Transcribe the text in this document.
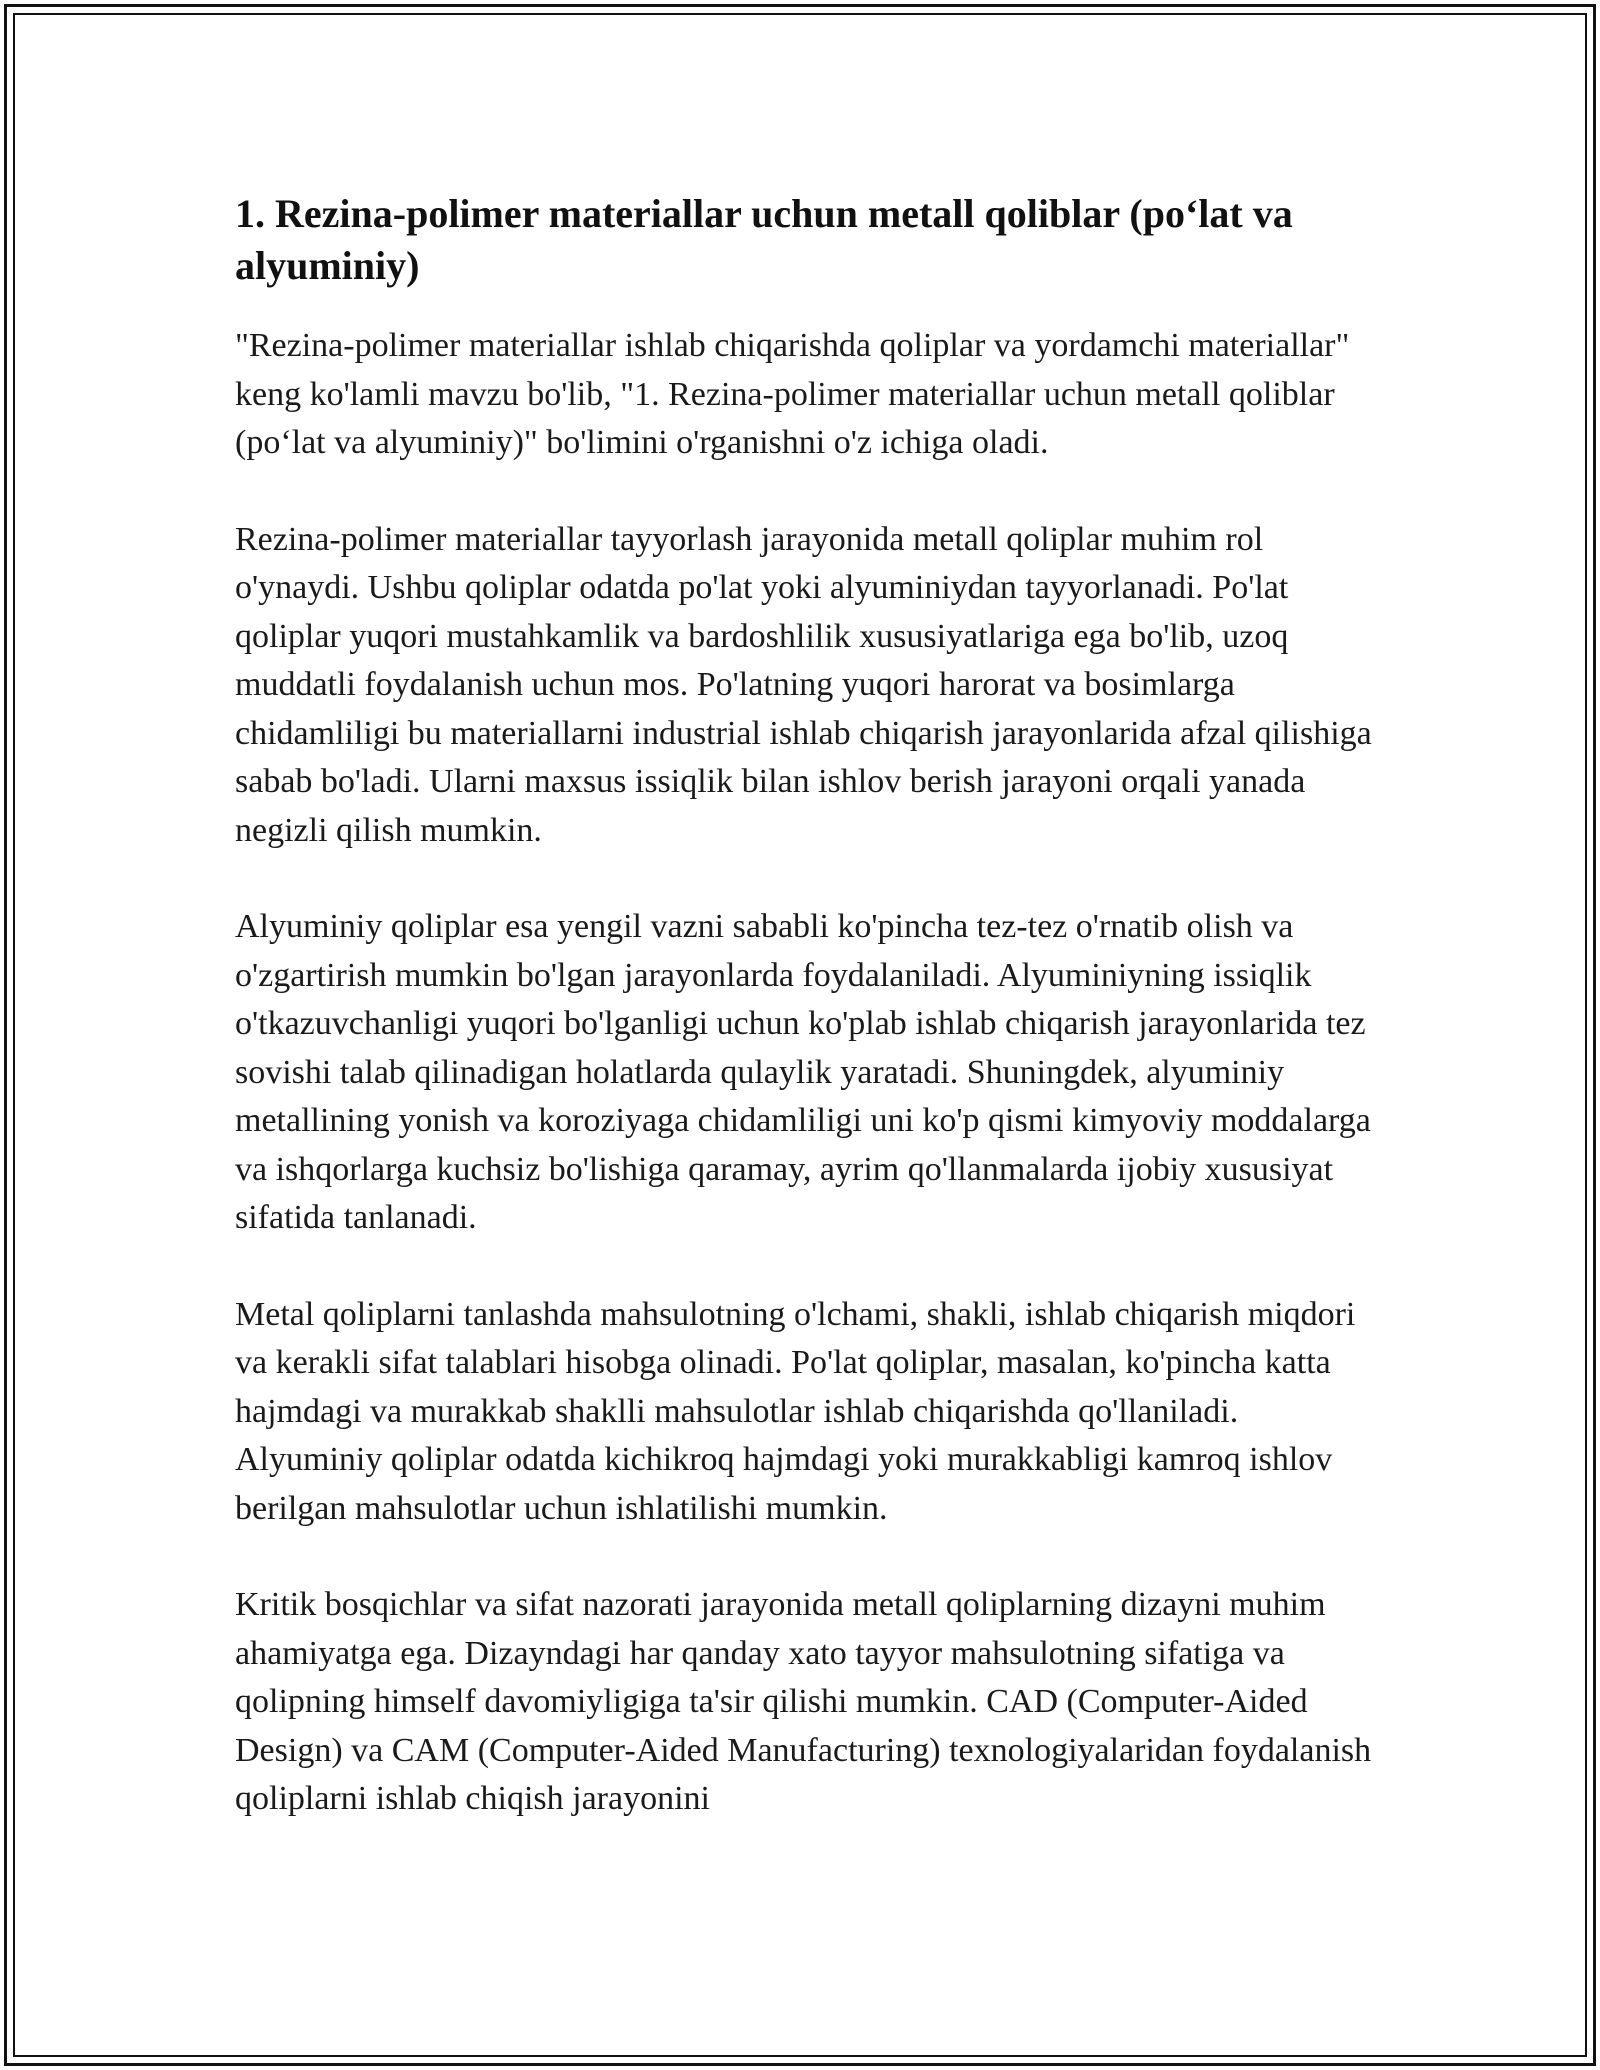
1. Rezina-polimer materiallar uchun metall qoliblar (po‘lat va alyuminiy)

"Rezina-polimer materiallar ishlab chiqarishda qoliplar va yordamchi materiallar" keng ko'lamli mavzu bo'lib, "1. Rezina-polimer materiallar uchun metall qoliblar (po‘lat va alyuminiy)" bo'limini o'rganishni o'z ichiga oladi.

Rezina-polimer materiallar tayyorlash jarayonida metall qoliplar muhim rol o'ynaydi. Ushbu qoliplar odatda po'lat yoki alyuminiydan tayyorlanadi. Po'lat qoliplar yuqori mustahkamlik va bardoshlilik xususiyatlariga ega bo'lib, uzoq muddatli foydalanish uchun mos. Po'latning yuqori harorat va bosimlarga chidamliligi bu materiallarni industrial ishlab chiqarish jarayonlarida afzal qilishiga sabab bo'ladi. Ularni maxsus issiqlik bilan ishlov berish jarayoni orqali yanada negizli qilish mumkin.

Alyuminiy qoliplar esa yengil vazni sababli ko'pincha tez-tez o'rnatib olish va o'zgartirish mumkin bo'lgan jarayonlarda foydalaniladi. Alyuminiyning issiqlik o'tkazuvchanligi yuqori bo'lganligi uchun ko'plab ishlab chiqarish jarayonlarida tez sovishi talab qilinadigan holatlarda qulaylik yaratadi. Shuningdek, alyuminiy metallining yonish va koroziyaga chidamliligi uni ko'p qismi kimyoviy moddalarga va ishqorlarga kuchsiz bo'lishiga qaramay, ayrim qo'llanmalarda ijobiy xususiyat sifatida tanlanadi.

Metal qoliplarni tanlashda mahsulotning o'lchami, shakli, ishlab chiqarish miqdori va kerakli sifat talablari hisobga olinadi. Po'lat qoliplar, masalan, ko'pincha katta hajmdagi va murakkab shaklli mahsulotlar ishlab chiqarishda qo'llaniladi. Alyuminiy qoliplar odatda kichikroq hajmdagi yoki murakkabligi kamroq ishlov berilgan mahsulotlar uchun ishlatilishi mumkin.

Kritik bosqichlar va sifat nazorati jarayonida metall qoliplarning dizayni muhim ahamiyatga ega. Dizayndagi har qanday xato tayyor mahsulotning sifatiga va qolipning himself davomiyligiga ta'sir qilishi mumkin. CAD (Computer-Aided Design) va CAM (Computer-Aided Manufacturing) texnologiyalaridan foydalanish qoliplarni ishlab chiqish jarayonini
